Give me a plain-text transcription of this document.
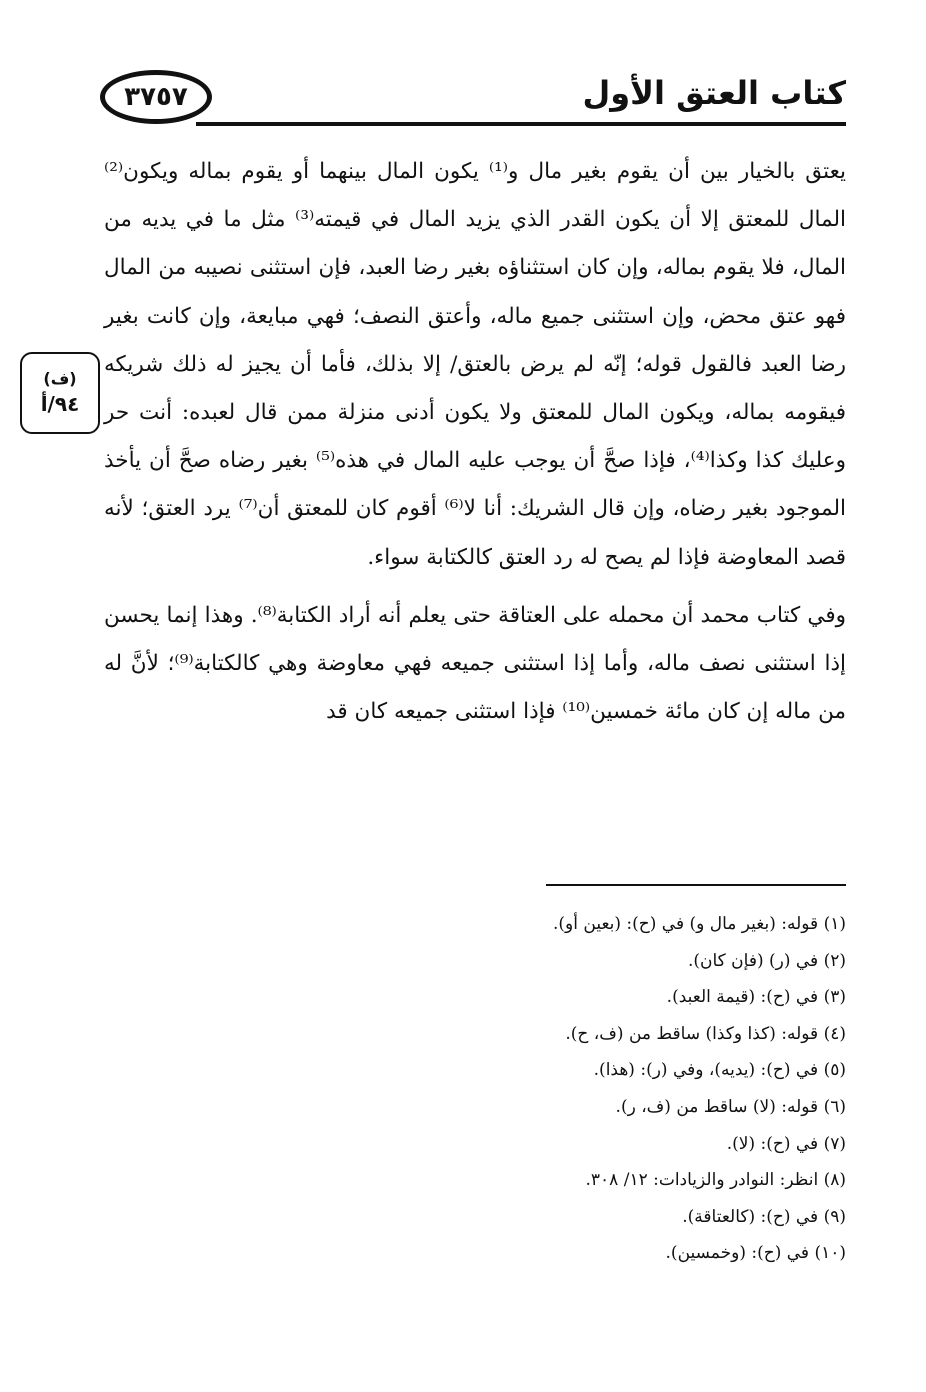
٣٧٥٧	كتاب العتق الأول
(ف)
٩٤/أ

يعتق بالخيار بين أن يقوم بغير مال و⁽¹⁾ يكون المال بينهما أو يقوم بماله ويكون⁽²⁾ المال للمعتق إلا أن يكون القدر الذي يزيد المال في قيمته⁽³⁾ مثل ما في يديه من المال، فلا يقوم بماله، وإن كان استثناؤه بغير رضا العبد، فإن استثنى نصيبه من المال فهو عتق محض، وإن استثنى جميع ماله، وأعتق النصف؛ فهي مبايعة، وإن كانت بغير رضا العبد فالقول قوله؛ إنّه لم يرض بالعتق/ إلا بذلك، فأما أن يجيز له ذلك شريكه فيقومه بماله، ويكون المال للمعتق ولا يكون أدنى منزلة ممن قال لعبده: أنت حر وعليك كذا وكذا⁽⁴⁾، فإذا صحَّ أن يوجب عليه المال في هذه⁽⁵⁾ بغير رضاه صحَّ أن يأخذ الموجود بغير رضاه، وإن قال الشريك: أنا لا⁽⁶⁾ أقوم كان للمعتق أن⁽⁷⁾ يرد العتق؛ لأنه قصد المعاوضة فإذا لم يصح له رد العتق كالكتابة سواء.

وفي كتاب محمد أن محمله على العتاقة حتى يعلم أنه أراد الكتابة⁽⁸⁾. وهذا إنما يحسن إذا استثنى نصف ماله، وأما إذا استثنى جميعه فهي معاوضة وهي كالكتابة⁽⁹⁾؛ لأنَّ له من ماله إن كان مائة خمسين⁽¹⁰⁾ فإذا استثنى جميعه كان قد

(١) قوله: (بغير مال و) في (ح): (بعين أو).
(٢) في (ر) (فإن كان).
(٣) في (ح): (قيمة العبد).
(٤) قوله: (كذا وكذا) ساقط من (ف، ح).
(٥) في (ح): (يديه)، وفي (ر): (هذا).
(٦) قوله: (لا) ساقط من (ف، ر).
(٧) في (ح): (لا).
(٨) انظر: النوادر والزيادات: ١٢/ ٣٠٨.
(٩) في (ح): (كالعتاقة).
(١٠) في (ح): (وخمسين).
